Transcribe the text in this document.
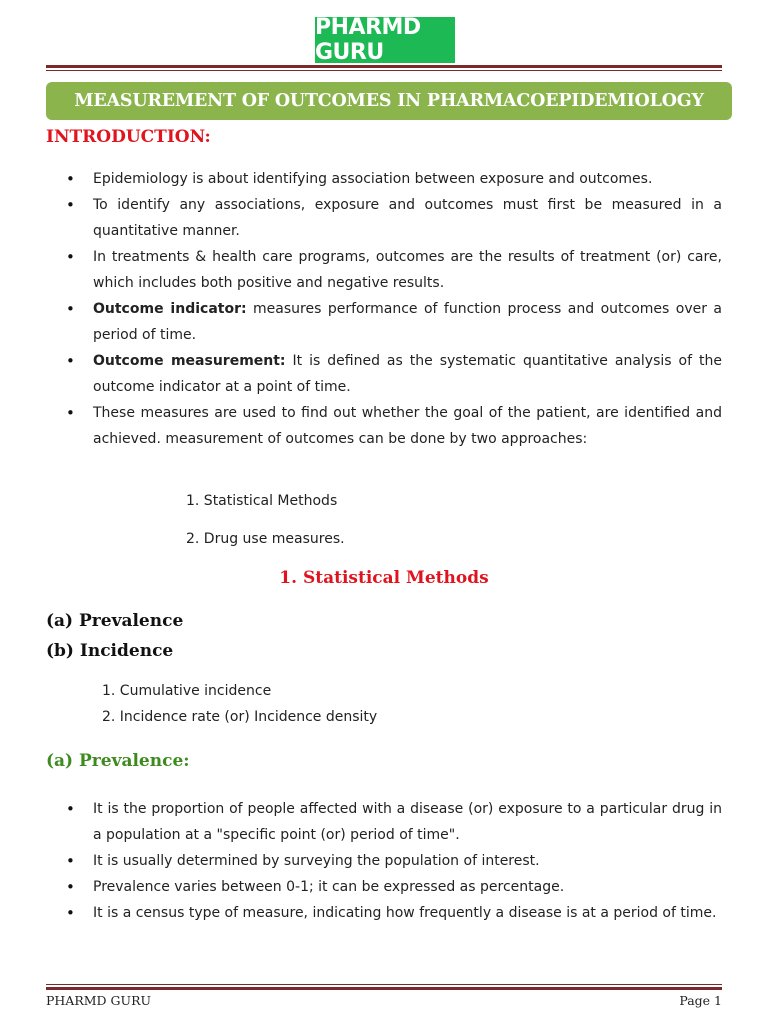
PHARMD GURU
MEASUREMENT OF OUTCOMES IN PHARMACOEPIDEMIOLOGY
INTRODUCTION:
• Epidemiology is about identifying association between exposure and outcomes.
• To identify any associations, exposure and outcomes must first be measured in a quantitative manner.
• In treatments & health care programs, outcomes are the results of treatment (or) care, which includes both positive and negative results.
• Outcome indicator: measures performance of function process and outcomes over a period of time.
• Outcome measurement: It is defined as the systematic quantitative analysis of the outcome indicator at a point of time.
• These measures are used to find out whether the goal of the patient, are identified and achieved. measurement of outcomes can be done by two approaches:
1. Statistical Methods
2. Drug use measures.
1. Statistical Methods
(a) Prevalence
(b) Incidence
1. Cumulative incidence
2. Incidence rate (or) Incidence density
(a) Prevalence:
• It is the proportion of people affected with a disease (or) exposure to a particular drug in a population at a "specific point (or) period of time".
• It is usually determined by surveying the population of interest.
• Prevalence varies between 0-1; it can be expressed as percentage.
• It is a census type of measure, indicating how frequently a disease is at a period of time.
PHARMD GURU	Page 1
